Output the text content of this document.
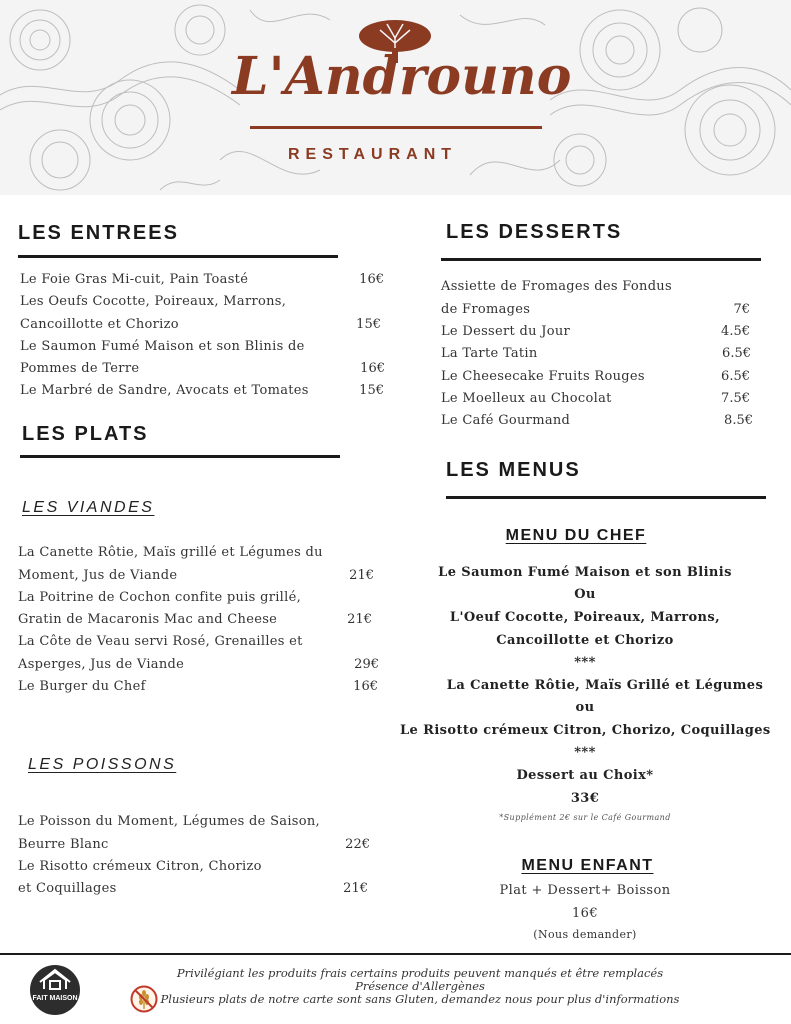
L'Androuno
RESTAURANT
LES ENTREES
Le Foie Gras Mi-cuit, Pain Toasté	16€
Les Oeufs Cocotte, Poireaux, Marrons,
Cancoillotte et Chorizo	15€
Le Saumon Fumé Maison et son Blinis de
Pommes de Terre	16€
Le Marbré de Sandre, Avocats et Tomates	15€
LES PLATS
LES VIANDES
La Canette Rôtie, Maïs grillé et Légumes du
Moment, Jus de Viande	21€
La Poitrine de Cochon confite puis grillé,
Gratin de Macaronis Mac and Cheese	21€
La Côte de Veau servi Rosé, Grenailles et
Asperges, Jus de Viande	29€
Le Burger du Chef	16€
LES POISSONS
Le Poisson du Moment, Légumes de Saison,
Beurre Blanc	22€
Le Risotto crémeux Citron, Chorizo
et Coquillages	21€
LES DESSERTS
Assiette de Fromages des Fondus
de Fromages	7€
Le Dessert du Jour	4.5€
La Tarte Tatin	6.5€
Le Cheesecake Fruits Rouges	6.5€
Le Moelleux au Chocolat	7.5€
Le Café Gourmand	8.5€
LES MENUS
MENU DU CHEF
Le Saumon Fumé Maison et son Blinis
Ou
L'Oeuf Cocotte, Poireaux, Marrons,
Cancoillotte et Chorizo
***
La Canette Rôtie, Maïs Grillé et Légumes
ou
Le Risotto crémeux Citron, Chorizo, Coquillages
***
Dessert au Choix*
33€
*Supplément 2€ sur le Café Gourmand
MENU ENFANT
Plat + Dessert+ Boisson
16€
(Nous demander)
FAIT MAISON
Privilégiant les produits frais certains produits peuvent manqués et être remplacés
Présence d'Allergènes
Plusieurs plats de notre carte sont sans Gluten, demandez nous pour plus d'informations
